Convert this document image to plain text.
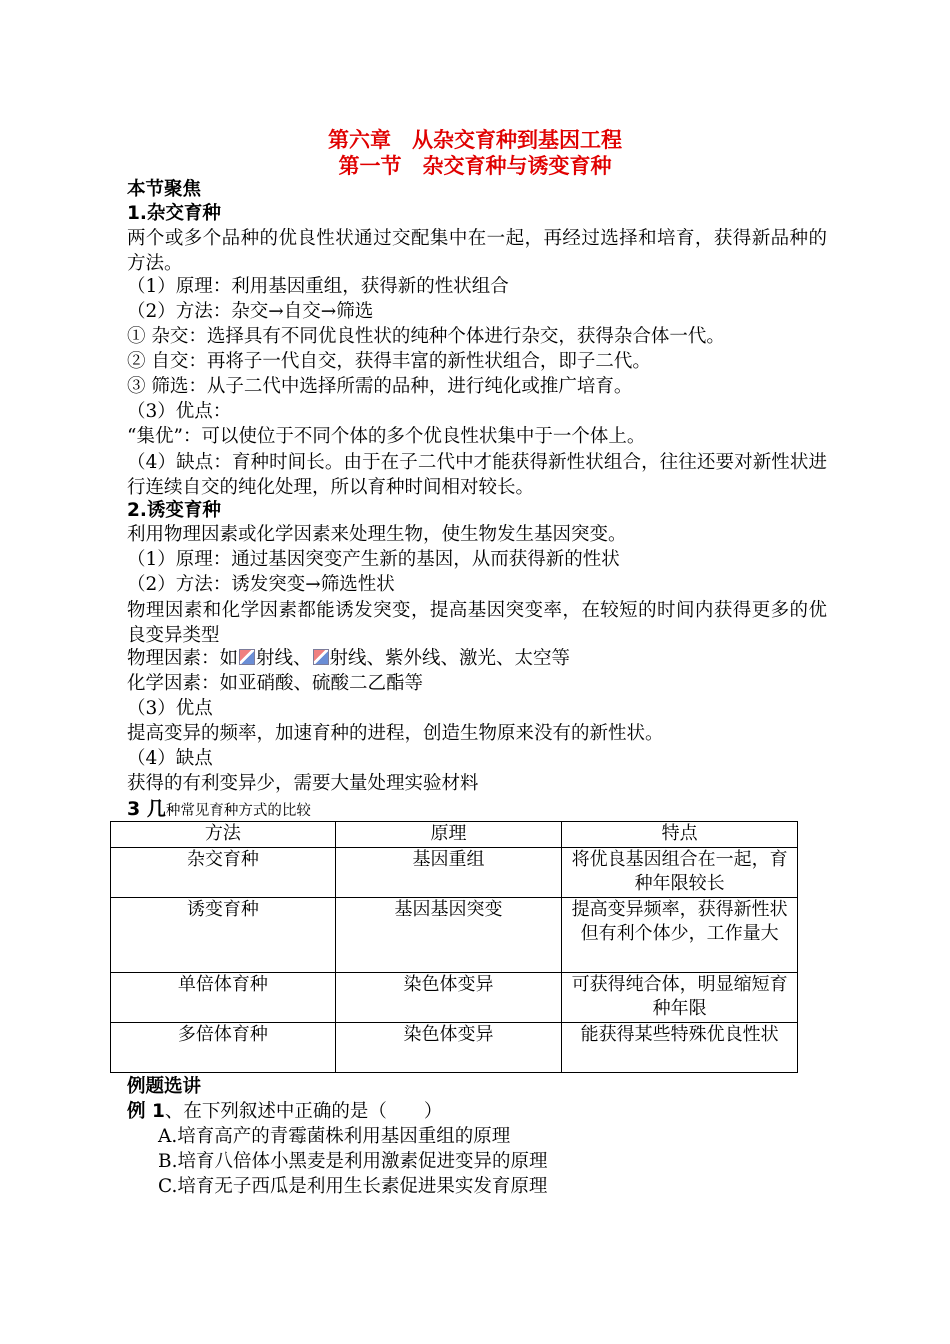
第六章　从杂交育种到基因工程
第一节　杂交育种与诱变育种
本节聚焦
1.杂交育种
两个或多个品种的优良性状通过交配集中在一起，再经过选择和培育，获得新品种的方法。
（1）原理：利用基因重组，获得新的性状组合
（2）方法：杂交→自交→筛选
① 杂交：选择具有不同优良性状的纯种个体进行杂交，获得杂合体一代。
② 自交：再将子一代自交，获得丰富的新性状组合，即子二代。
③ 筛选：从子二代中选择所需的品种，进行纯化或推广培育。
（3）优点：
“集优”：可以使位于不同个体的多个优良性状集中于一个体上。
（4）缺点：育种时间长。由于在子二代中才能获得新性状组合，往往还要对新性状进行连续自交的纯化处理，所以育种时间相对较长。
2.诱变育种
利用物理因素或化学因素来处理生物，使生物发生基因突变。
（1）原理：通过基因突变产生新的基因，从而获得新的性状
（2）方法：诱发突变→筛选性状
物理因素和化学因素都能诱发突变，提高基因突变率，在较短的时间内获得更多的优良变异类型
物理因素：如 射线、 射线、紫外线、激光、太空等
化学因素：如亚硝酸、硫酸二乙酯等
（3）优点
提高变异的频率，加速育种的进程，创造生物原来没有的新性状。
（4）缺点
获得的有利变异少，需要大量处理实验材料
3 几种常见育种方式的比较
方法	原理	特点
杂交育种	基因重组	将优良基因组合在一起，育种年限较长
诱变育种	基因基因突变	提高变异频率，获得新性状但有利个体少，工作量大
单倍体育种	染色体变异	可获得纯合体，明显缩短育种年限
多倍体育种	染色体变异	能获得某些特殊优良性状
例题选讲
例 1、在下列叙述中正确的是（　　）
A.培育高产的青霉菌株利用基因重组的原理
B.培育八倍体小黑麦是利用激素促进变异的原理
C.培育无子西瓜是利用生长素促进果实发育原理
